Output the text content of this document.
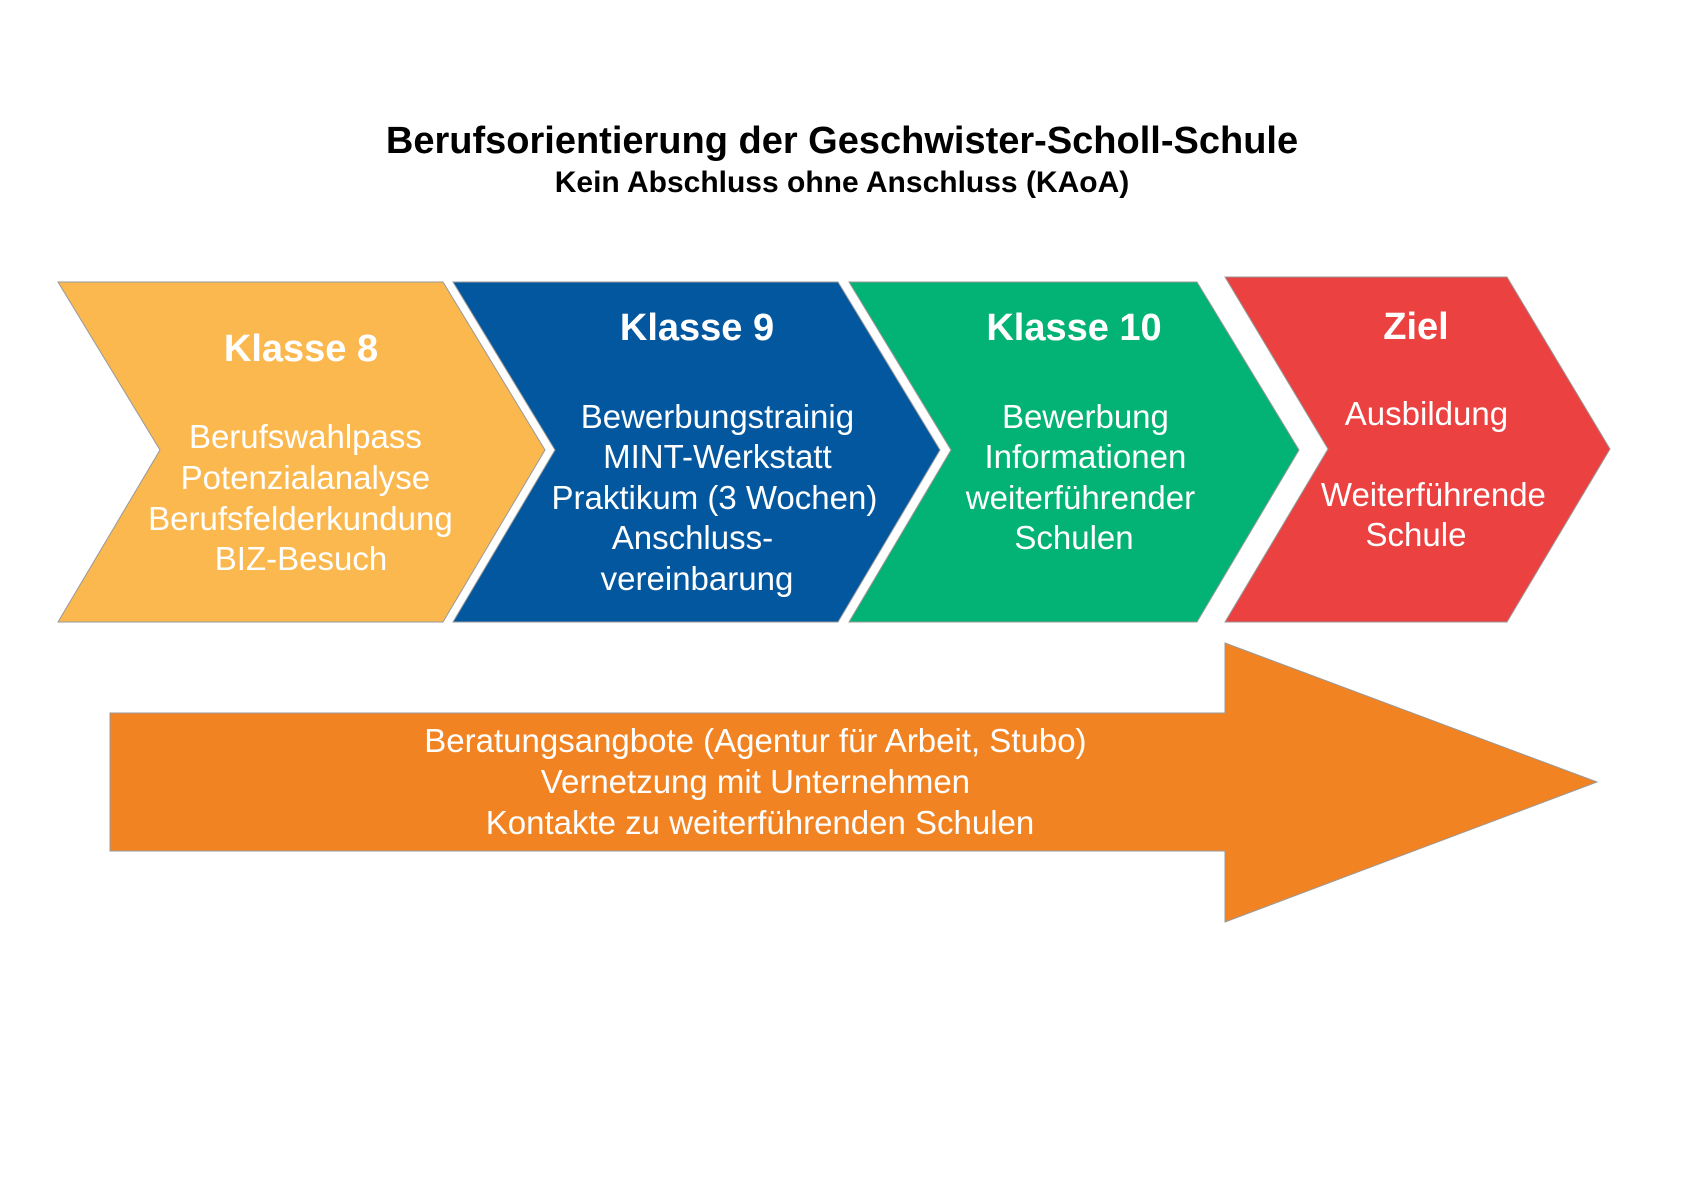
Berufsorientierung der Geschwister-Scholl-Schule
Kein Abschluss ohne Anschluss (KAoA)
Klasse 8
Berufswahlpass Potenzialanalyse Berufsfelderkundung BIZ-Besuch
Klasse 9
Bewerbungstrainig MINT-Werkstatt Praktikum (3 Wochen) Anschluss- vereinbarung
Klasse 10
Bewerbung Informationen weiterführender Schulen
Ziel
Ausbildung Weiterführende Schule
Beratungsangbote (Agentur für Arbeit, Stubo) Vernetzung mit Unternehmen Kontakte zu weiterführenden Schulen
